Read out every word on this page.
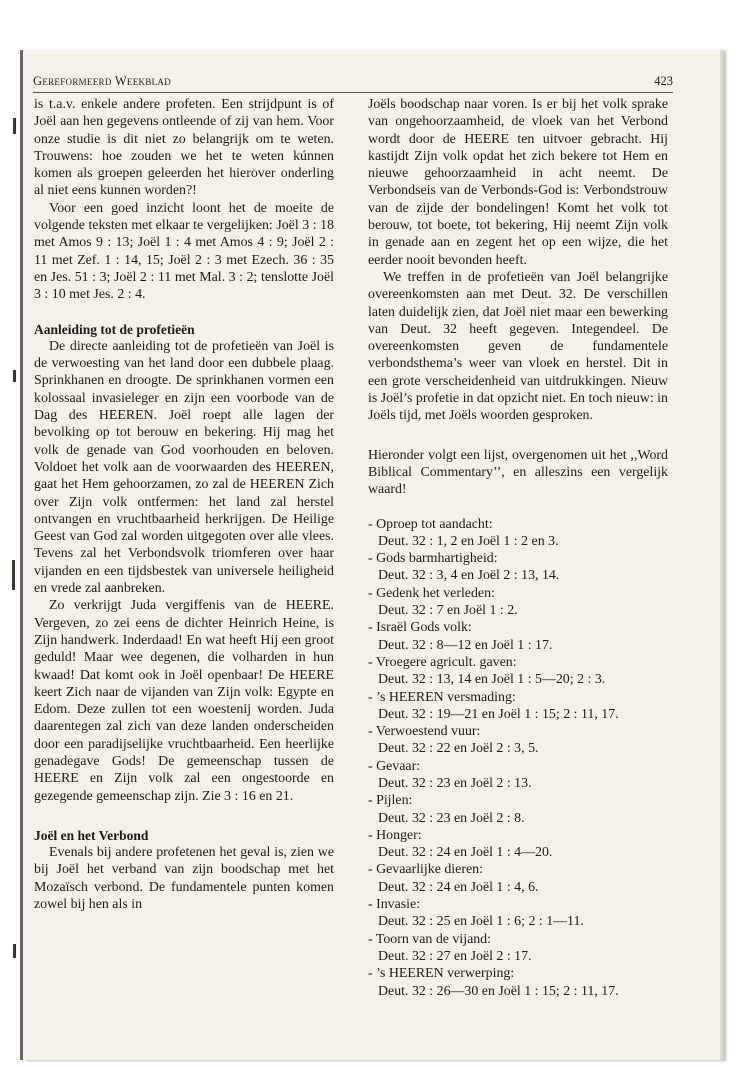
Gereformeerd Weekblad	423

is t.a.v. enkele andere profeten. Een strijdpunt is of Joël aan hen gegevens ontleende of zij van hem. Voor onze studie is dit niet zo belangrijk om te weten. Trouwens: hoe zouden we het te weten kúnnen komen als groepen geleerden het hierover onderling al niet eens kunnen worden?!

Voor een goed inzicht loont het de moeite de volgende teksten met elkaar te vergelijken: Joël 3 : 18 met Amos 9 : 13; Joël 1 : 4 met Amos 4 : 9; Joël 2 : 11 met Zef. 1 : 14, 15; Joël 2 : 3 met Ezech. 36 : 35 en Jes. 51 : 3; Joël 2 : 11 met Mal. 3 : 2; tenslotte Joël 3 : 10 met Jes. 2 : 4.

Aanleiding tot de profetieën

De directe aanleiding tot de profetieën van Joël is de verwoesting van het land door een dubbele plaag. Sprinkhanen en droogte. De sprinkhanen vormen een kolossaal invasieleger en zijn een voorbode van de Dag des HEEREN. Joël roept alle lagen der bevolking op tot berouw en bekering. Hij mag het volk de genade van God voorhouden en beloven. Voldoet het volk aan de voorwaarden des HEEREN, gaat het Hem gehoorzamen, zo zal de HEEREN Zich over Zijn volk ontfermen: het land zal herstel ontvangen en vruchtbaarheid herkrijgen. De Heilige Geest van God zal worden uitgegoten over alle vlees. Tevens zal het Verbondsvolk triomferen over haar vijanden en een tijdsbestek van universele heiligheid en vrede zal aanbreken.

Zo verkrijgt Juda vergiffenis van de HEERE. Vergeven, zo zei eens de dichter Heinrich Heine, is Zijn handwerk. Inderdaad! En wat heeft Hij een groot geduld! Maar wee degenen, die volharden in hun kwaad! Dat komt ook in Joël openbaar! De HEERE keert Zich naar de vijanden van Zijn volk: Egypte en Edom. Deze zullen tot een woestenij worden. Juda daarentegen zal zich van deze landen onderscheiden door een paradijselijke vruchtbaarheid. Een heerlijke genadegave Gods! De gemeenschap tussen de HEERE en Zijn volk zal een ongestoorde en gezegende gemeenschap zijn. Zie 3 : 16 en 21.

Joël en het Verbond

Evenals bij andere profetenen het geval is, zien we bij Joël het verband van zijn boodschap met het Mozaïsch verbond. De fundamentele punten komen zowel bij hen als in

Joëls boodschap naar voren. Is er bij het volk sprake van ongehoorzaamheid, de vloek van het Verbond wordt door de HEERE ten uitvoer gebracht. Hij kastijdt Zijn volk opdat het zich bekere tot Hem en nieuwe gehoorzaamheid in acht neemt. De Verbondseis van de Verbonds-God is: Verbondstrouw van de zijde der bondelingen! Komt het volk tot berouw, tot boete, tot bekering, Hij neemt Zijn volk in genade aan en zegent het op een wijze, die het eerder nooit bevonden heeft.

We treffen in de profetieën van Joël belangrijke overeenkomsten aan met Deut. 32. De verschillen laten duidelijk zien, dat Joël niet maar een bewerking van Deut. 32 heeft gegeven. Integendeel. De overeenkomsten geven de fundamentele verbondsthema’s weer van vloek en herstel. Dit in een grote verscheidenheid van uitdrukkingen. Nieuw is Joël’s profetie in dat opzicht niet. En toch nieuw: in Joëls tijd, met Joëls woorden gesproken.

Hieronder volgt een lijst, overgenomen uit het ,,Word Biblical Commentary’’, en alleszins een vergelijk waard!

- Oproep tot aandacht:
Deut. 32 : 1, 2 en Joël 1 : 2 en 3.
- Gods barmhartigheid:
Deut. 32 : 3, 4 en Joël 2 : 13, 14.
- Gedenk het verleden:
Deut. 32 : 7 en Joël 1 : 2.
- Israël Gods volk:
Deut. 32 : 8—12 en Joël 1 : 17.
- Vroegere agricult. gaven:
Deut. 32 : 13, 14 en Joël 1 : 5—20; 2 : 3.
- ’s HEEREN versmading:
Deut. 32 : 19—21 en Joël 1 : 15; 2 : 11, 17.
- Verwoestend vuur:
Deut. 32 : 22 en Joël 2 : 3, 5.
- Gevaar:
Deut. 32 : 23 en Joël 2 : 13.
- Pijlen:
Deut. 32 : 23 en Joël 2 : 8.
- Honger:
Deut. 32 : 24 en Joël 1 : 4—20.
- Gevaarlijke dieren:
Deut. 32 : 24 en Joël 1 : 4, 6.
- Invasie:
Deut. 32 : 25 en Joël 1 : 6; 2 : 1—11.
- Toorn van de vijand:
Deut. 32 : 27 en Joël 2 : 17.
- ’s HEEREN verwerping:
Deut. 32 : 26—30 en Joël 1 : 15; 2 : 11, 17.
